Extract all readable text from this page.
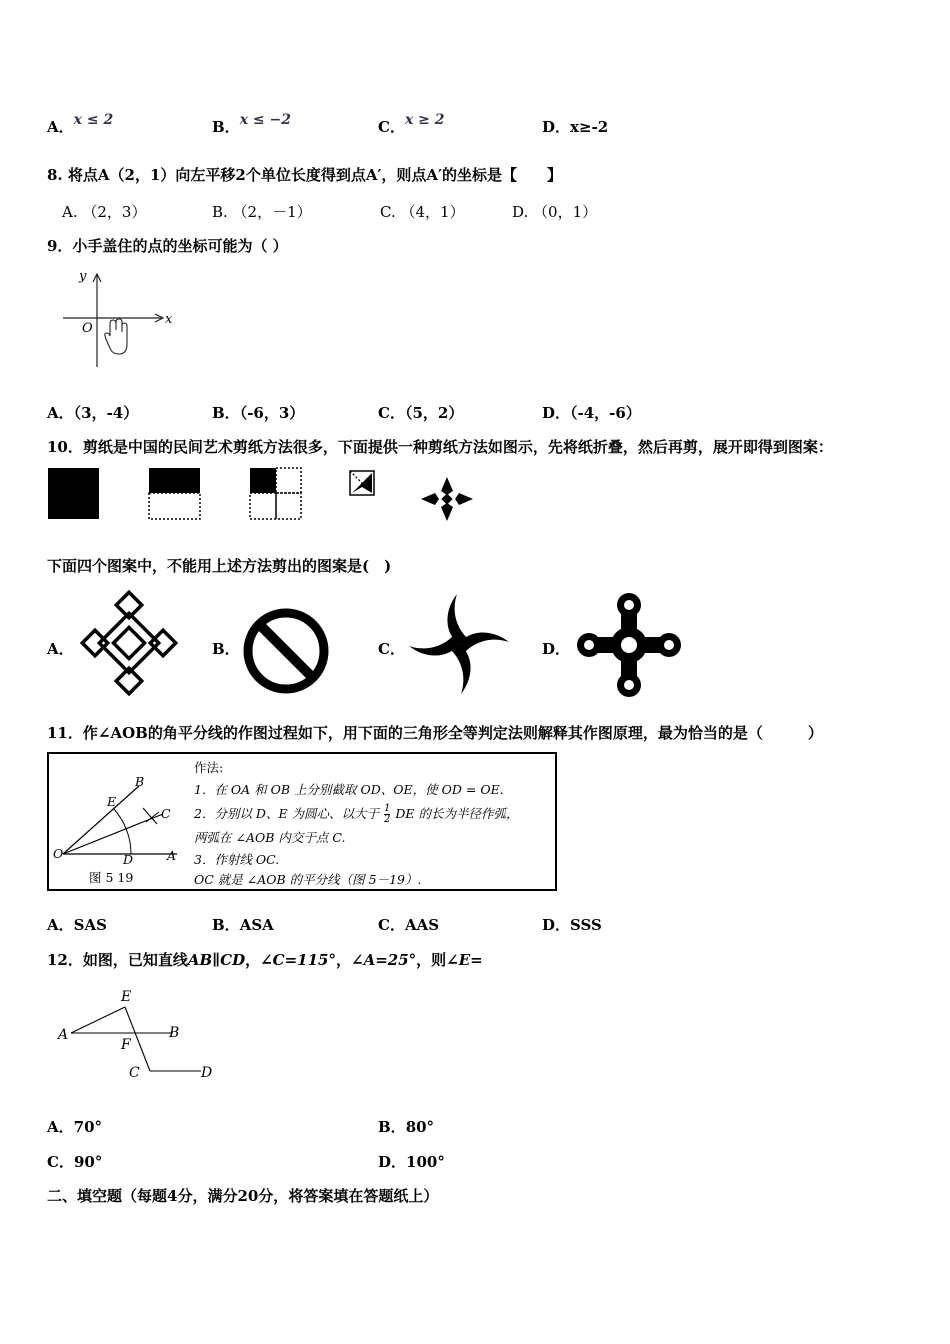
A．x ≤ 2	B．x ≤ −2	C．x ≥ 2	D．x≥-2
8. 将点A（2，1）向左平移2个单位长度得到点A′，则点A′的坐标是【　　】
A. （2，3）	B. （2，－1）	C. （4，1）	D. （0，1）
9．小手盖住的点的坐标可能为（ ）
y
x
O
A．（3，-4）	B．（-6，3）	C．（5，2）	D．（-4，-6）
10．剪纸是中国的民间艺术剪纸方法很多，下面提供一种剪纸方法如图示，先将纸折叠，然后再剪，展开即得到图案：
下面四个图案中，不能用上述方法剪出的图案是(　)
A．	B．	C．	D．
11．作∠AOB的角平分线的作图过程如下，用下面的三角形全等判定法则解释其作图原理，最为恰当的是（　　　）
B
E
C
O	D	A
图 5 19
作法:
1．在 OA 和 OB 上分别截取 OD、OE，使 OD = OE.
2．分别以 D、E 为圆心、以大于 $\frac{1}{2}$ DE 的长为半径作弧，
两弧在 ∠AOB 内交于点 C.
3．作射线 OC.
OC 就是 ∠AOB 的平分线（图 5－19）.
A．SAS	B．ASA	C．AAS	D．SSS
12．如图，已知直线AB∥CD，∠C=115°，∠A=25°，则∠E=
E
A	B
F
C	D
A．70°	B．80°
C．90°	D．100°
二、填空题（每题4分，满分20分，将答案填在答题纸上）
